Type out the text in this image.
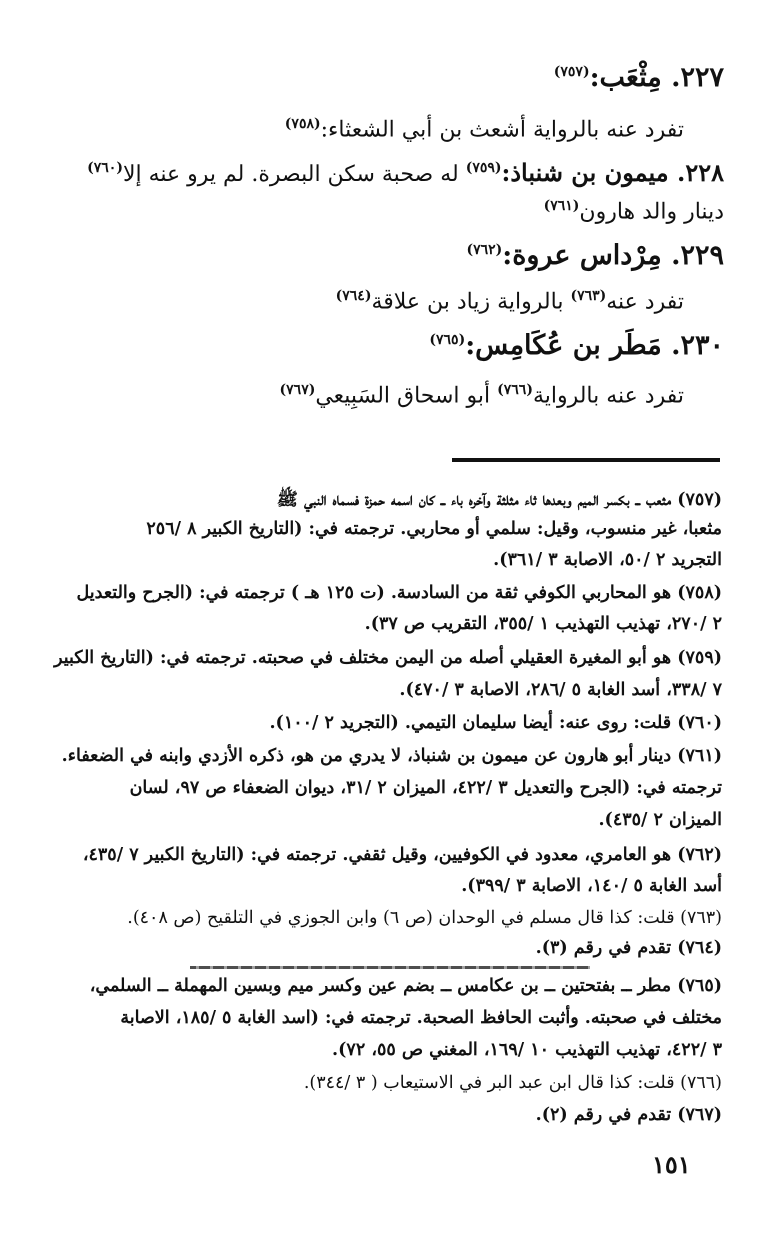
٢٢٧. مِثْعَب:$^{(٧٥٧)}$
تفرد عنه بالرواية أشعث بن أبي الشعثاء:$^{(٧٥٨)}$
٢٢٨. ميمون بن شنباذ:$^{(٧٥٩)}$ له صحبة سكن البصرة. لم يرو عنه إلا$^{(٧٦٠)}$
دينار والد هارون$^{(٧٦١)}$
٢٢٩. مِرْداس عروة:$^{(٧٦٢)}$
تفرد عنه$^{(٧٦٣)}$ بالرواية زياد بن علاقة$^{(٧٦٤)}$
٢٣٠. مَطَر بن عُكَامِس:$^{(٧٦٥)}$
تفرد عنه بالرواية$^{(٧٦٦)}$ أبو اسحاق السَبِيعي$^{(٧٦٧)}$
(٧٥٧) مثعب ــ بكسر الميم وبعدها ثاء مثلثة وآخره باء ــ كان اسمه حمزة فسماه النبي ﷺ
مثعبا، غير منسوب، وقيل: سلمي أو محاربي. ترجمته في: (التاريخ الكبير ٨ /٢٥٦
التجريد ٢ /٥٠، الاصابة ٣ /٣٦١).
(٧٥٨) هو المحاربي الكوفي ثقة من السادسة. (ت ١٢٥ هـ ) ترجمته في: (الجرح والتعديل
٢ /٢٧٠، تهذيب التهذيب ١ /٣٥٥، التقريب ص ٣٧).
(٧٥٩) هو أبو المغيرة العقيلي أصله من اليمن مختلف في صحبته. ترجمته في: (التاريخ الكبير
٧ /٣٣٨، أسد الغابة ٥ /٢٨٦، الاصابة ٣ /٤٧٠).
(٧٦٠) قلت: روى عنه: أيضا سليمان التيمي. (التجريد ٢ /١٠٠).
(٧٦١) دينار أبو هارون عن ميمون بن شنباذ، لا يدري من هو، ذكره الأزدي وابنه في الضعفاء.
ترجمته في: (الجرح والتعديل ٣ /٤٢٢، الميزان ٢ /٣١، ديوان الضعفاء ص ٩٧، لسان
الميزان ٢ /٤٣٥).
(٧٦٢) هو العامري، معدود في الكوفيين، وقيل ثقفي. ترجمته في: (التاريخ الكبير ٧ /٤٣٥،
أسد الغابة ٥ /١٤٠، الاصابة ٣ /٣٩٩).
(٧٦٣) قلت: كذا قال مسلم في الوحدان (ص ٦) وابن الجوزي في التلقيح (ص ٤٠٨).
(٧٦٤) تقدم في رقم (٣).
(٧٦٥) مطر ــ بفتحتين ــ بن عكامس ــ بضم عين وكسر ميم وبسين المهملة ــ السلمي،
مختلف في صحبته. وأثبت الحافظ الصحبة. ترجمته في: (اسد الغابة ٥ /١٨٥، الاصابة
٣ /٤٢٢، تهذيب التهذيب ١٠ /١٦٩، المغني ص ٥٥، ٧٢).
(٧٦٦) قلت: كذا قال ابن عبد البر في الاستيعاب ( ٣ /٣٤٤).
(٧٦٧) تقدم في رقم (٢).
١٥١
